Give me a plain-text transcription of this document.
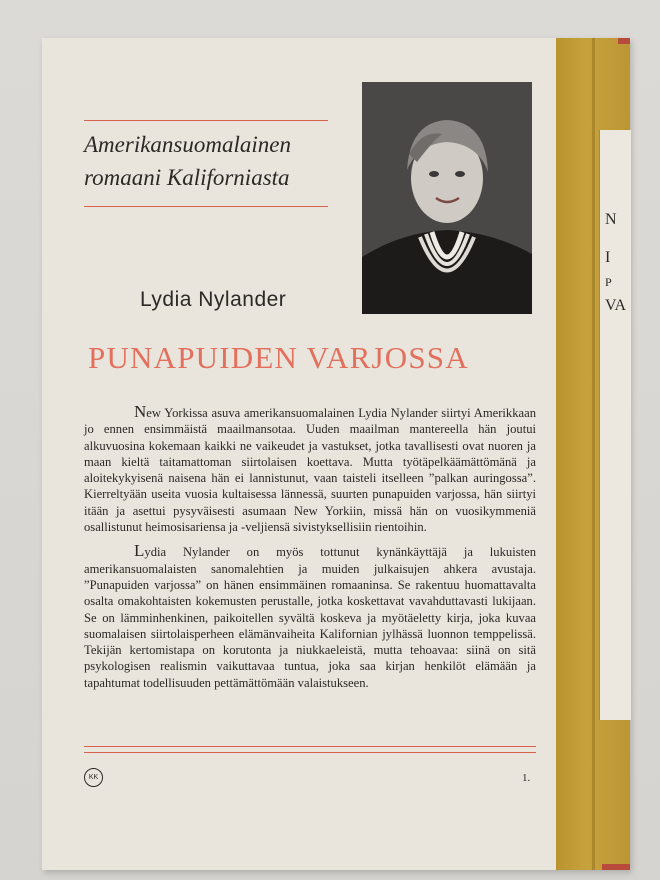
Amerikansuomalainen
romaani Kaliforniasta
Lydia Nylander
PUNAPUIDEN VARJOSSA

New Yorkissa asuva amerikansuomalainen Lydia Nylander siirtyi Amerikkaan jo ennen ensimmäistä maailmansotaa. Uuden maailman mantereella hän joutui alkuvuosina kokemaan kaikki ne vaikeudet ja vastukset, jotka tavallisesti ovat nuoren ja maan kieltä taitamattoman siirtolaisen koettava. Mutta työtäpelkäämättömänä ja aloitekykyisenä naisena hän ei lannistunut, vaan taisteli itselleen ”palkan auringossa”. Kierreltyään useita vuosia kultaisessa lännessä, suurten punapuiden varjossa, hän siirtyi itään ja asettui pysyväisesti asumaan New Yorkiin, missä hän on vuosikymmeniä osallistunut heimosisariensa ja -veljiensä sivistyksellisiin rientoihin.

Lydia Nylander on myös tottunut kynänkäyttäjä ja lukuisten amerikansuomalaisten sanomalehtien ja muiden julkaisujen ahkera avustaja. ”Punapuiden varjossa” on hänen ensimmäinen romaaninsa. Se rakentuu huomattavalta osalta omakohtaisten kokemusten perustalle, jotka koskettavat vavahduttavasti lukijaan. Se on lämminhenkinen, paikoitellen syvältä koskeva ja myötäeletty kirja, joka kuvaa suomalaisen siirtolaisperheen elämänvaiheita Kalifornian jylhässä luonnon temppelissä. Tekijän kertomistapa on korutonta ja niukkaeleistä, mutta tehoavaa: siinä on sitä psykologisen realismin vaikuttavaa tuntua, joka saa kirjan henkilöt elämään ja tapahtumat todellisuuden pettämättömään valaistukseen.

KK	1.
N
I
P
VA
